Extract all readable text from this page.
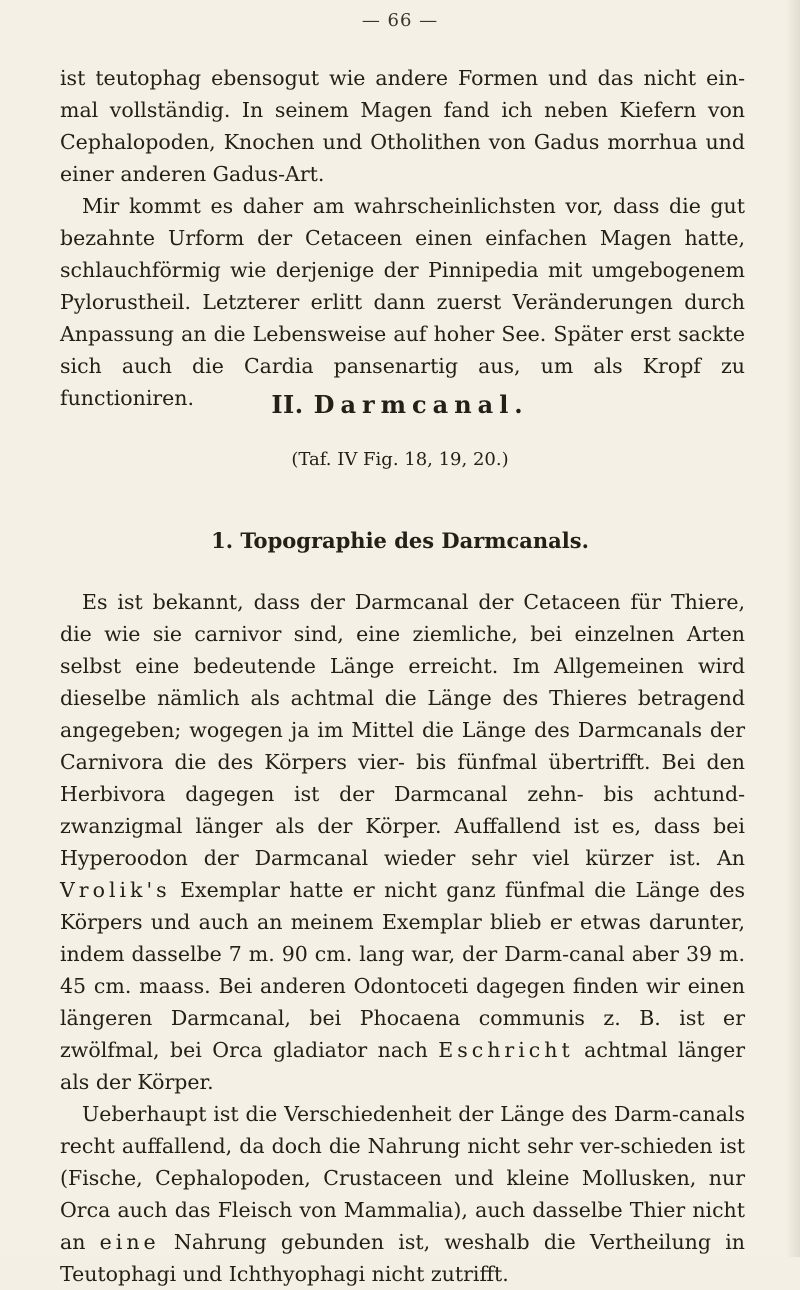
— 66 —

ist teutophag ebensogut wie andere Formen und das nicht ein-mal vollständig. In seinem Magen fand ich neben Kiefern von Cephalopoden, Knochen und Otholithen von Gadus morrhua und einer anderen Gadus-Art.

Mir kommt es daher am wahrscheinlichsten vor, dass die gut bezahnte Urform der Cetaceen einen einfachen Magen hatte, schlauchförmig wie derjenige der Pinnipedia mit umgebogenem Pylorustheil. Letzterer erlitt dann zuerst Veränderungen durch Anpassung an die Lebensweise auf hoher See. Später erst sackte sich auch die Cardia pansenartig aus, um als Kropf zu functioniren.	II. Darmcanal.
(Taf. IV Fig. 18, 19, 20.)
1. Topographie des Darmcanals.

Es ist bekannt, dass der Darmcanal der Cetaceen für Thiere, die wie sie carnivor sind, eine ziemliche, bei einzelnen Arten selbst eine bedeutende Länge erreicht. Im Allgemeinen wird dieselbe nämlich als achtmal die Länge des Thieres betragend angegeben; wogegen ja im Mittel die Länge des Darmcanals der Carnivora die des Körpers vier- bis fünfmal übertrifft. Bei den Herbivora dagegen ist der Darmcanal zehn- bis achtund-zwanzigmal länger als der Körper. Auffallend ist es, dass bei Hyperoodon der Darmcanal wieder sehr viel kürzer ist. An Vrolik's Exemplar hatte er nicht ganz fünfmal die Länge des Körpers und auch an meinem Exemplar blieb er etwas darunter, indem dasselbe 7 m. 90 cm. lang war, der Darm-canal aber 39 m. 45 cm. maass. Bei anderen Odontoceti dagegen finden wir einen längeren Darmcanal, bei Phocaena communis z. B. ist er zwölfmal, bei Orca gladiator nach Eschricht achtmal länger als der Körper.

Ueberhaupt ist die Verschiedenheit der Länge des Darm-canals recht auffallend, da doch die Nahrung nicht sehr ver-schieden ist (Fische, Cephalopoden, Crustaceen und kleine Mollusken, nur Orca auch das Fleisch von Mammalia), auch dasselbe Thier nicht an eine Nahrung gebunden ist, weshalb die Vertheilung in Teutophagi und Ichthyophagi nicht zutrifft.
